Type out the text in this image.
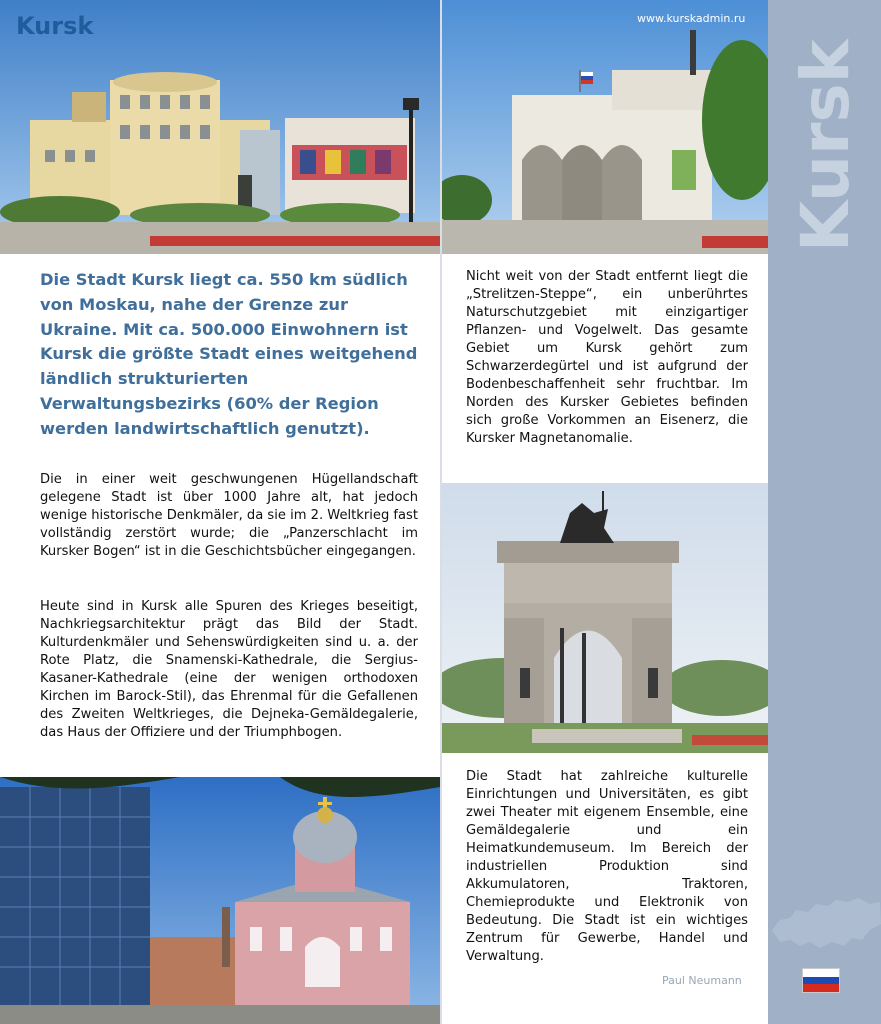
Kursk
Kursk	www.kurskadmin.ru
Die Stadt Kursk liegt ca. 550 km südlich von Moskau, nahe der Grenze zur Ukraine. Mit ca. 500.000 Einwohnern ist Kursk die größte Stadt eines weitgehend ländlich strukturierten Verwaltungsbezirks (60% der Region werden landwirtschaftlich genutzt).
Die in einer weit geschwungenen Hügellandschaft gelegene Stadt ist über 1000 Jahre alt, hat jedoch wenige historische Denkmäler, da sie im 2. Weltkrieg fast vollständig zerstört wurde; die „Panzerschlacht im Kursker Bogen“ ist in die Geschichtsbücher eingegangen.
Heute sind in Kursk alle Spuren des Krieges beseitigt, Nachkriegsarchitektur prägt das Bild der Stadt. Kulturdenkmäler und Sehenswürdigkeiten sind u. a. der Rote Platz, die Snamenski-Kathedrale, die Sergius-Kasaner-Kathedrale (eine der wenigen orthodoxen Kirchen im Barock-Stil), das Ehrenmal für die Gefallenen des Zweiten Weltkrieges, die Dejneka-Gemäldegalerie, das Haus der Offiziere und der Triumphbogen.
Nicht weit von der Stadt entfernt liegt die „Strelitzen-Steppe“, ein unberührtes Naturschutzgebiet mit einzigartiger Pflanzen- und Vogelwelt. Das gesamte Gebiet um Kursk gehört zum Schwarzerdegürtel und ist aufgrund der Bodenbeschaffenheit sehr fruchtbar. Im Norden des Kursker Gebietes befinden sich große Vorkommen an Eisenerz, die Kursker Magnetanomalie.
Die Stadt hat zahlreiche kulturelle Einrichtungen und Universitäten, es gibt zwei Theater mit eigenem Ensemble, eine Gemäldegalerie und ein Heimatkundemuseum. Im Bereich der industriellen Produktion sind Akkumulatoren, Traktoren, Chemieprodukte und Elektronik von Bedeutung. Die Stadt ist ein wichtiges Zentrum für Gewerbe, Handel und Verwaltung.
Paul Neumann
